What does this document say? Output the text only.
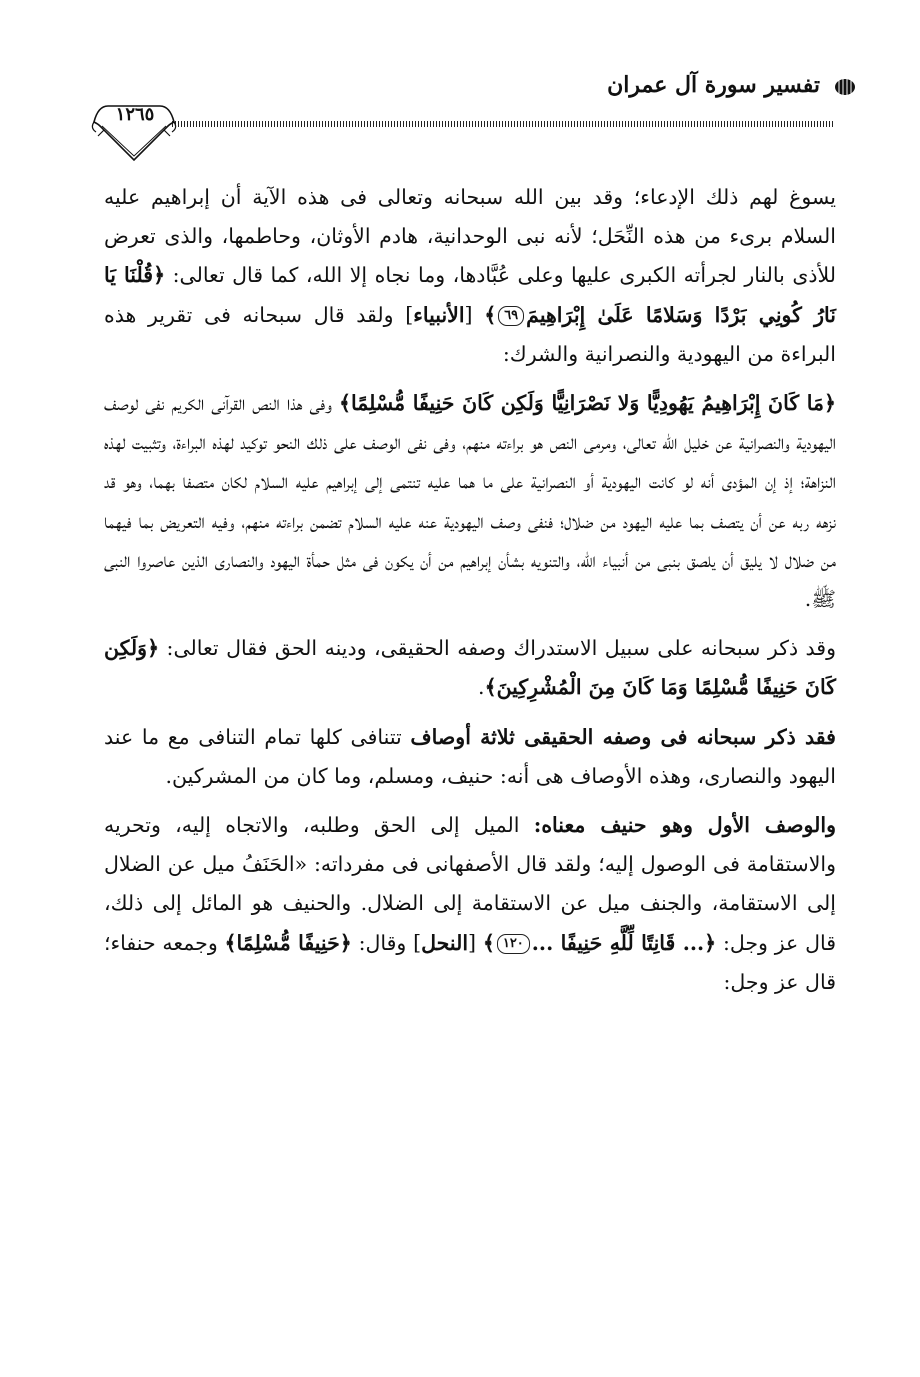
تفسير سورة آل عمران
١٢٦٥

يسوغ لهم ذلك الإدعاء؛ وقد بين الله سبحانه وتعالى فى هذه الآية أن إبراهيم عليه السلام برىء من هذه النِّحَل؛ لأنه نبى الوحدانية، هادم الأوثان، وحاطمها، والذى تعرض للأذى بالنار لجرأته الكبرى عليها وعلى عُبَّادها، وما نجاه إلا الله، كما قال تعالى: ﴿قُلْنَا يَا نَارُ كُونِي بَرْدًا وَسَلامًا عَلَىٰ إِبْرَاهِيمَ٦٩﴾ [الأنبياء] ولقد قال سبحانه فى تقرير هذه البراءة من اليهودية والنصرانية والشرك:

﴿مَا كَانَ إِبْرَاهِيمُ يَهُودِيًّا وَلا نَصْرَانِيًّا وَلَكِن كَانَ حَنِيفًا مُّسْلِمًا﴾ وفى هذا النص القرآنى الكريم نفى لوصف اليهودية والنصرانية عن خليل الله تعالى، ومرمى النص هو براءته منهم، وفى نفى الوصف على ذلك النحو توكيد لهذه البراءة، وتثبيت لهذه النزاهة؛ إذ إن المؤدى أنه لو كانت اليهودية أو النصرانية على ما هما عليه تنتمى إلى إبراهيم عليه السلام لكان متصفا بهما، وهو قد نزهه ربه عن أن يتصف بما عليه اليهود من ضلال؛ فنفى وصف اليهودية عنه عليه السلام تضمن براءته منهم، وفيه التعريض بما فيهما من ضلال لا يليق أن يلصق بنبى من أنبياء الله، والتنويه بشأن إبراهيم من أن يكون فى مثل حمأة اليهود والنصارى الذين عاصروا النبى ﷺ.

وقد ذكر سبحانه على سبيل الاستدراك وصفه الحقيقى، ودينه الحق فقال تعالى: ﴿وَلَكِن كَانَ حَنِيفًا مُّسْلِمًا وَمَا كَانَ مِنَ الْمُشْرِكِينَ﴾.

فقد ذكر سبحانه فى وصفه الحقيقى ثلاثة أوصاف تتنافى كلها تمام التنافى مع ما عند اليهود والنصارى، وهذه الأوصاف هى أنه: حنيف، ومسلم، وما كان من المشركين.

والوصف الأول وهو حنيف معناه: الميل إلى الحق وطلبه، والاتجاه إليه، وتحريه والاستقامة فى الوصول إليه؛ ولقد قال الأصفهانى فى مفرداته: «الحَنَفُ ميل عن الضلال إلى الاستقامة، والجنف ميل عن الاستقامة إلى الضلال. والحنيف هو المائل إلى ذلك، قال عز وجل: ﴿... قَانِتًا لِّلَّهِ حَنِيفًا ...١٢٠﴾ [النحل] وقال: ﴿حَنِيفًا مُّسْلِمًا﴾ وجمعه حنفاء؛ قال عز وجل:
